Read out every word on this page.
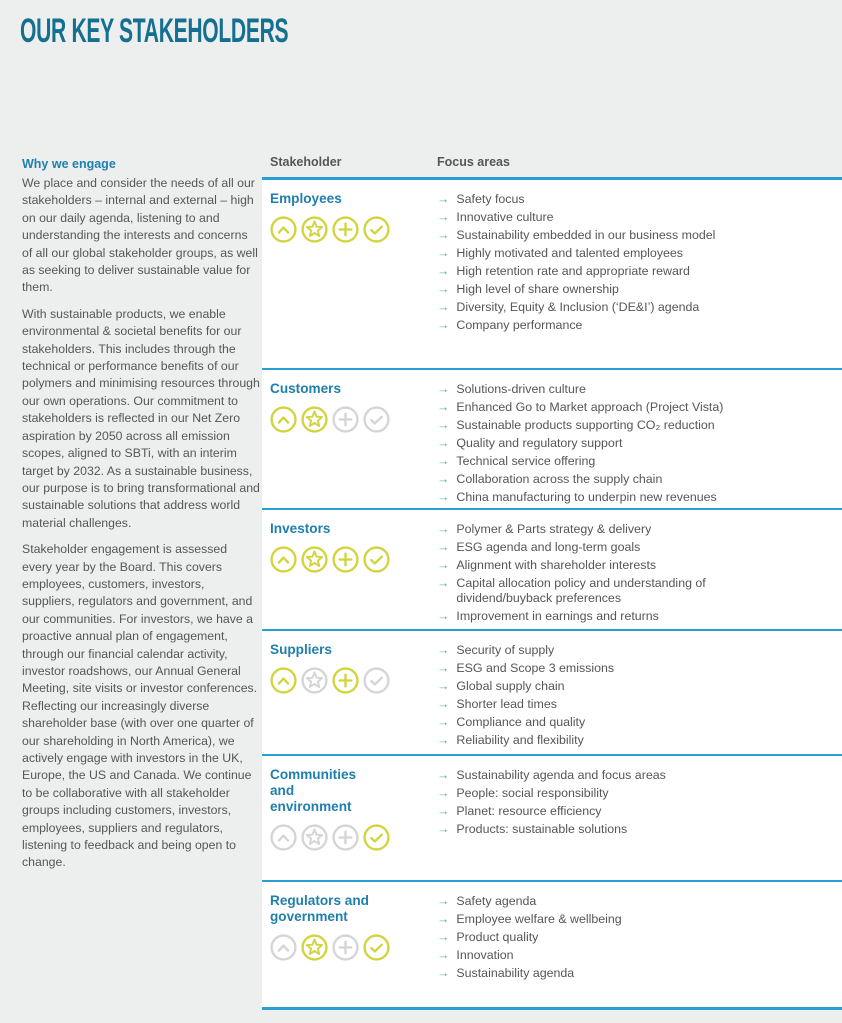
OUR KEY STAKEHOLDERS
Why we engage

We place and consider the needs of all our stakeholders – internal and external – high on our daily agenda, listening to and understanding the interests and concerns of all our global stakeholder groups, as well as seeking to deliver sustainable value for them.

With sustainable products, we enable environmental & societal benefits for our stakeholders. This includes through the technical or performance benefits of our polymers and minimising resources through our own operations. Our commitment to stakeholders is reflected in our Net Zero aspiration by 2050 across all emission scopes, aligned to SBTi, with an interim target by 2032. As a sustainable business, our purpose is to bring transformational and sustainable solutions that address world material challenges.

Stakeholder engagement is assessed every year by the Board. This covers employees, customers, investors, suppliers, regulators and government, and our communities. For investors, we have a proactive annual plan of engagement, through our financial calendar activity, investor roadshows, our Annual General Meeting, site visits or investor conferences. Reflecting our increasingly diverse shareholder base (with over one quarter of our shareholding in North America), we actively engage with investors in the UK, Europe, the US and Canada. We continue to be collaborative with all stakeholder groups including customers, investors, employees, suppliers and regulators, listening to feedback and being open to change.

Stakeholder	Focus areas
Employees	→ Safety focus
→ Innovative culture
→ Sustainability embedded in our business model
→ Highly motivated and talented employees
→ High retention rate and appropriate reward
→ High level of share ownership
→ Diversity, Equity & Inclusion (‘DE&I’) agenda
→ Company performance
Customers	→ Solutions-driven culture
→ Enhanced Go to Market approach (Project Vista)
→ Sustainable products supporting CO₂ reduction
→ Quality and regulatory support
→ Technical service offering
→ Collaboration across the supply chain
→ China manufacturing to underpin new revenues
Investors	→ Polymer & Parts strategy & delivery
→ ESG agenda and long-term goals
→ Alignment with shareholder interests
→ Capital allocation policy and understanding of dividend/buyback preferences
→ Improvement in earnings and returns
Suppliers	→ Security of supply
→ ESG and Scope 3 emissions
→ Global supply chain
→ Shorter lead times
→ Compliance and quality
→ Reliability and flexibility
Communities and environment
→ Sustainability agenda and focus areas
→ People: social responsibility
→ Planet: resource efficiency
→ Products: sustainable solutions
Regulators and government
→ Safety agenda
→ Employee welfare & wellbeing
→ Product quality
→ Innovation
→ Sustainability agenda
